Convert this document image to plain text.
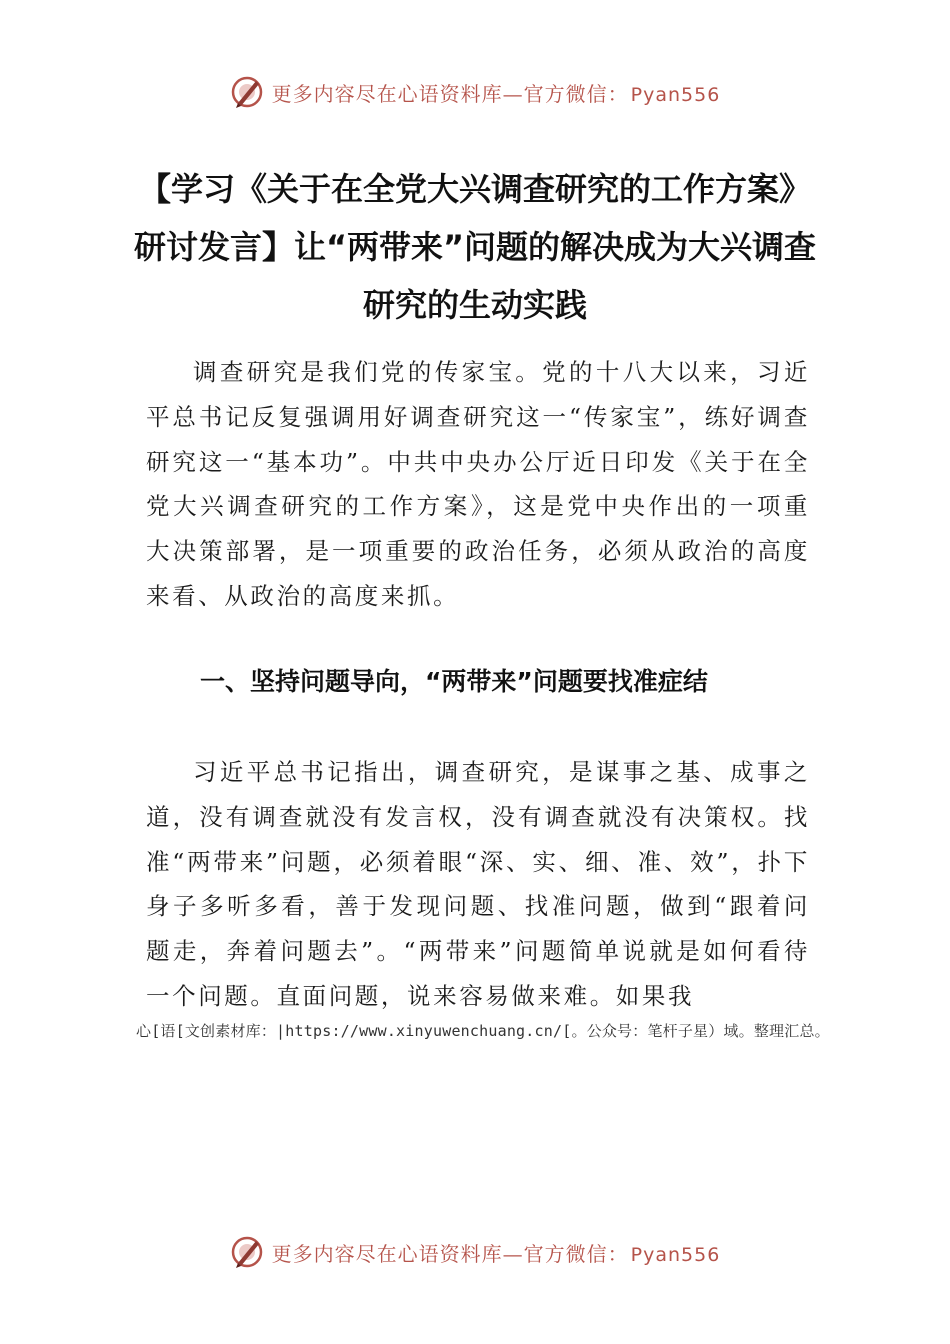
更多内容尽在心语资料库—官方微信： Pyan556
【学习《关于在全党大兴调查研究的工作方案》研讨发言】让“两带来”问题的解决成为大兴调查研究的生动实践

调查研究是我们党的传家宝。党的十八大以来，习近平总书记反复强调用好调查研究这一“传家宝”，练好调查研究这一“基本功”。中共中央办公厅近日印发《关于在全党大兴调查研究的工作方案》，这是党中央作出的一项重大决策部署，是一项重要的政治任务，必须从政治的高度来看、从政治的高度来抓。

一、坚持问题导向，“两带来”问题要找准症结

习近平总书记指出，调查研究，是谋事之基、成事之道，没有调查就没有发言权，没有调查就没有决策权。找准“两带来”问题，必须着眼“深、实、细、准、效”，扑下身子多听多看，善于发现问题、找准问题，做到“跟着问题走，奔着问题去”。“两带来”问题简单说就是如何看待一个问题。直面问题，说来容易做来难。如果我

心[语[文创素材库：|https://www.xinyuwenchuang.cn/[。公众号：笔杆子星）域。整理汇总。

更多内容尽在心语资料库—官方微信： Pyan556
